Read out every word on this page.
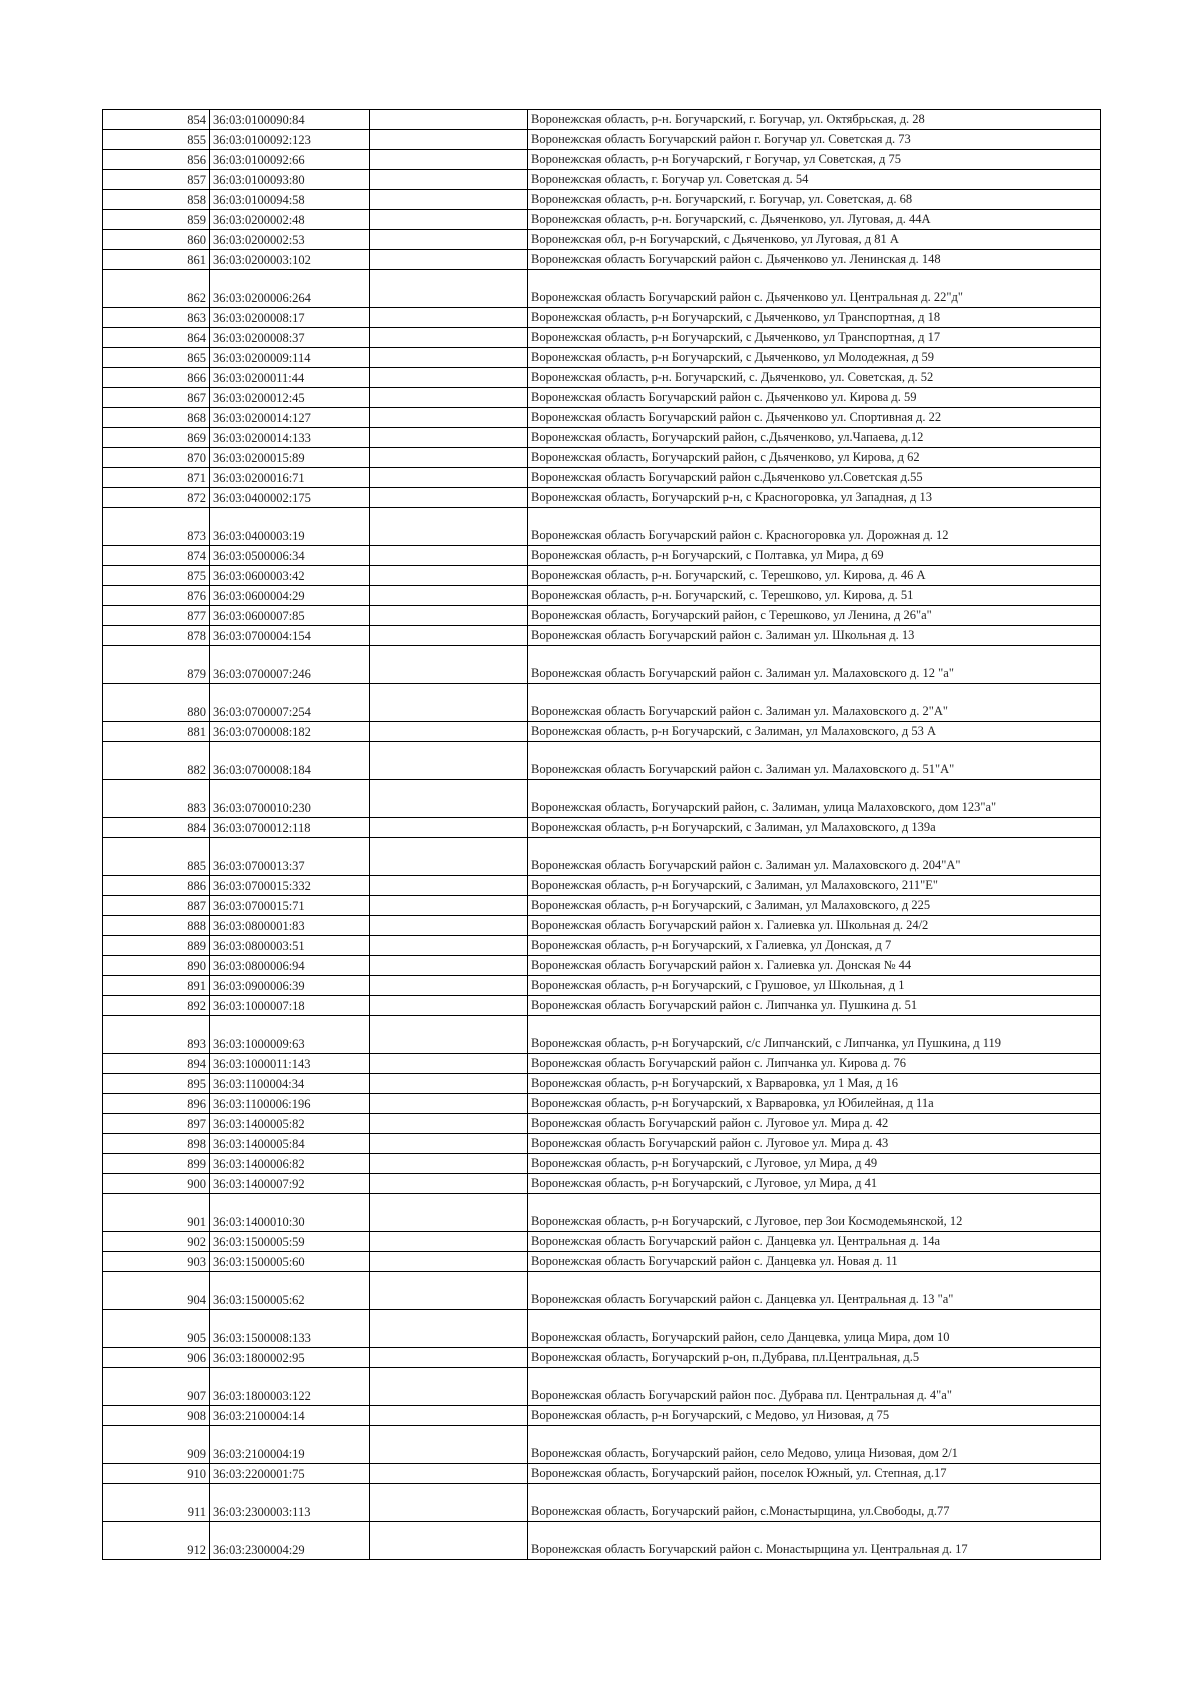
854	36:03:0100090:84		Воронежская область, р-н. Богучарский, г. Богучар, ул. Октябрьская, д. 28
855	36:03:0100092:123		Воронежская область Богучарский район г. Богучар ул. Советская д. 73
856	36:03:0100092:66		Воронежская область, р-н Богучарский, г Богучар, ул Советская, д 75
857	36:03:0100093:80		Воронежская область, г. Богучар ул. Советская д. 54
858	36:03:0100094:58		Воронежская область, р-н. Богучарский, г. Богучар, ул. Советская, д. 68
859	36:03:0200002:48		Воронежская область, р-н. Богучарский, с. Дьяченково, ул. Луговая, д. 44А
860	36:03:0200002:53		Воронежская обл, р-н Богучарский, с Дьяченково, ул Луговая, д 81 А
861	36:03:0200003:102		Воронежская область Богучарский район с. Дьяченково ул. Ленинская д. 148
862	36:03:0200006:264		Воронежская область Богучарский район с. Дьяченково ул. Центральная д. 22"д"
863	36:03:0200008:17		Воронежская область, р-н Богучарский, с Дьяченково, ул Транспортная, д 18
864	36:03:0200008:37		Воронежская область, р-н Богучарский, с Дьяченково, ул Транспортная, д 17
865	36:03:0200009:114		Воронежская область, р-н Богучарский, с Дьяченково, ул Молодежная, д 59
866	36:03:0200011:44		Воронежская область, р-н. Богучарский, с. Дьяченково, ул. Советская, д. 52
867	36:03:0200012:45		Воронежская область Богучарский район с. Дьяченково ул. Кирова д. 59
868	36:03:0200014:127		Воронежская область Богучарский район с. Дьяченково ул. Спортивная д. 22
869	36:03:0200014:133		Воронежская область, Богучарский район, с.Дьяченково, ул.Чапаева, д.12
870	36:03:0200015:89		Воронежская область, Богучарский район, с Дьяченково, ул Кирова, д 62
871	36:03:0200016:71		Воронежская область Богучарский район с.Дьяченково ул.Советская д.55
872	36:03:0400002:175		Воронежская область, Богучарский р-н, с Красногоровка, ул Западная, д 13
873	36:03:0400003:19		Воронежская область Богучарский район с. Красногоровка ул. Дорожная д. 12
874	36:03:0500006:34		Воронежская область, р-н Богучарский, с Полтавка, ул Мира, д 69
875	36:03:0600003:42		Воронежская область, р-н. Богучарский, с. Терешково, ул. Кирова, д. 46 А
876	36:03:0600004:29		Воронежская область, р-н. Богучарский, с. Терешково, ул. Кирова, д. 51
877	36:03:0600007:85		Воронежская область, Богучарский район, с Терешково, ул Ленина, д 26"а"
878	36:03:0700004:154		Воронежская область Богучарский район с. Залиман ул. Школьная д. 13
879	36:03:0700007:246		Воронежская область Богучарский район с. Залиман ул. Малаховского д. 12 "а"
880	36:03:0700007:254		Воронежская область Богучарский район с. Залиман ул. Малаховского д. 2"А"
881	36:03:0700008:182		Воронежская область, р-н Богучарский, с Залиман, ул Малаховского, д 53 А
882	36:03:0700008:184		Воронежская область Богучарский район с. Залиман ул. Малаховского д. 51"А"
883	36:03:0700010:230		Воронежская область, Богучарский район, с. Залиман, улица Малаховского, дом 123"а"
884	36:03:0700012:118		Воронежская область, р-н Богучарский, с Залиман, ул Малаховского, д 139а
885	36:03:0700013:37		Воронежская область Богучарский район с. Залиман ул. Малаховского д. 204"А"
886	36:03:0700015:332		Воронежская область, р-н Богучарский, с Залиман, ул Малаховского, 211"Е"
887	36:03:0700015:71		Воронежская область, р-н Богучарский, с Залиман, ул Малаховского, д 225
888	36:03:0800001:83		Воронежская область Богучарский район х. Галиевка ул. Школьная д. 24/2
889	36:03:0800003:51		Воронежская область, р-н Богучарский, х Галиевка, ул Донская, д 7
890	36:03:0800006:94		Воронежская область Богучарский район х. Галиевка ул. Донская № 44
891	36:03:0900006:39		Воронежская область, р-н Богучарский, с Грушовое, ул Школьная, д 1
892	36:03:1000007:18		Воронежская область Богучарский район с. Липчанка ул. Пушкина д. 51
893	36:03:1000009:63		Воронежская область, р-н Богучарский, с/с Липчанский, с Липчанка, ул Пушкина, д 119
894	36:03:1000011:143		Воронежская область Богучарский район с. Липчанка ул. Кирова д. 76
895	36:03:1100004:34		Воронежская область, р-н Богучарский, х Варваровка, ул 1 Мая, д 16
896	36:03:1100006:196		Воронежская область, р-н Богучарский, х Варваровка, ул Юбилейная, д 11а
897	36:03:1400005:82		Воронежская область Богучарский район с. Луговое ул. Мира д. 42
898	36:03:1400005:84		Воронежская область Богучарский район с. Луговое ул. Мира д. 43
899	36:03:1400006:82		Воронежская область, р-н Богучарский, с Луговое, ул Мира, д 49
900	36:03:1400007:92		Воронежская область, р-н Богучарский, с Луговое, ул Мира, д 41
901	36:03:1400010:30		Воронежская область, р-н Богучарский, с Луговое, пер Зои Космодемьянской, 12
902	36:03:1500005:59		Воронежская область Богучарский район с. Данцевка ул. Центральная д. 14а
903	36:03:1500005:60		Воронежская область Богучарский район с. Данцевка ул. Новая д. 11
904	36:03:1500005:62		Воронежская область Богучарский район с. Данцевка ул. Центральная д. 13 "а"
905	36:03:1500008:133		Воронежская область, Богучарский район, село Данцевка, улица Мира, дом 10
906	36:03:1800002:95		Воронежская область, Богучарский р-он, п.Дубрава, пл.Центральная, д.5
907	36:03:1800003:122		Воронежская область Богучарский район пос. Дубрава пл. Центральная д. 4"а"
908	36:03:2100004:14		Воронежская область, р-н Богучарский, с Медово, ул Низовая, д 75
909	36:03:2100004:19		Воронежская область, Богучарский район, село Медово, улица Низовая, дом 2/1
910	36:03:2200001:75		Воронежская область, Богучарский район, поселок Южный, ул. Степная, д.17
911	36:03:2300003:113		Воронежская область, Богучарский район, с.Монастырщина, ул.Свободы, д.77
912	36:03:2300004:29		Воронежская область Богучарский район с. Монастырщина ул. Центральная д. 17
